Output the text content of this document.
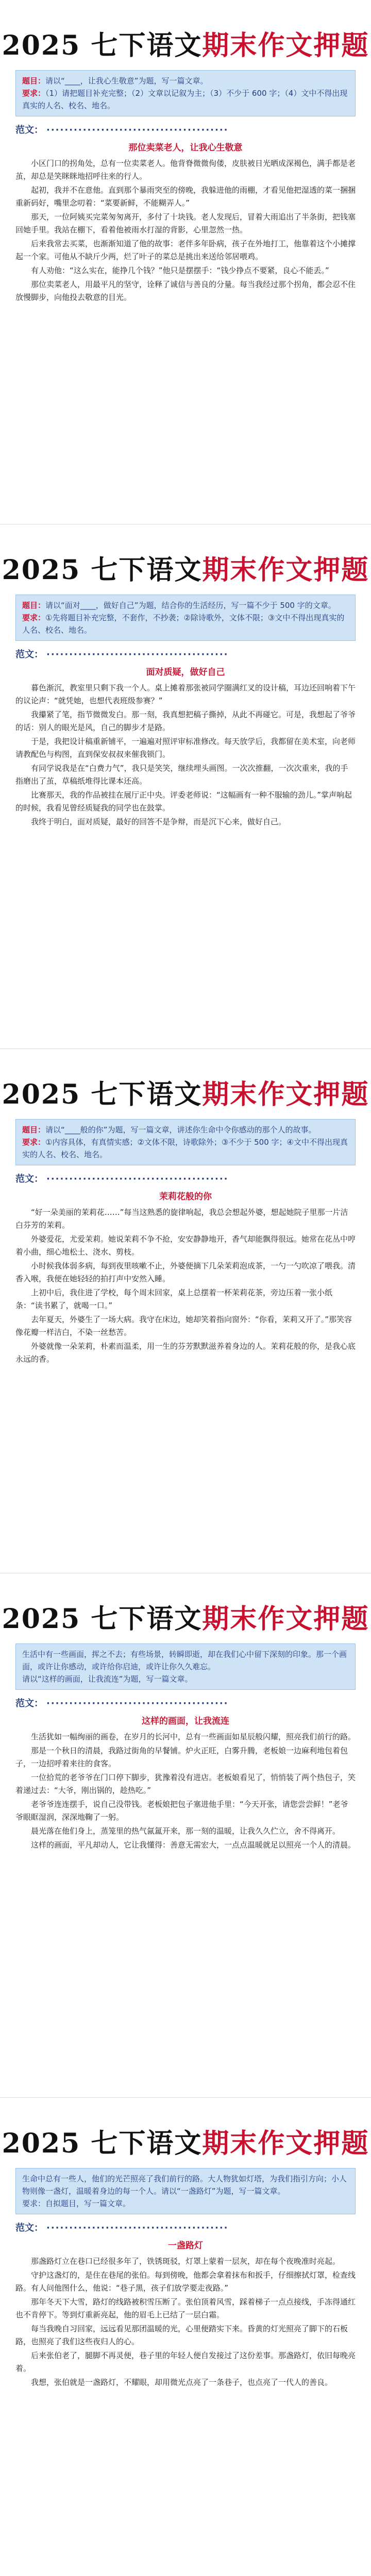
2025 七下语文期末作文押题
题目：请以“____，让我心生敬意”为题，写一篇文章。
要求：（1）请把题目补充完整；（2）文章以记叙为主；（3）不少于 600 字；（4）文中不得出现真实的人名、校名、地名。
范文： ········································
那位卖菜老人，让我心生敬意

小区门口的拐角处，总有一位卖菜老人。他背脊微微佝偻，皮肤被日光晒成深褐色，满手都是老茧，却总是笑眯眯地招呼往来的行人。

起初，我并不在意他。直到那个暴雨突至的傍晚，我躲进他的雨棚，才看见他把湿透的菜一捆捆重新码好，嘴里念叨着：“菜要新鲜，不能糊弄人。”

那天，一位阿姨买完菜匆匆离开，多付了十块钱。老人发现后，冒着大雨追出了半条街，把钱塞回她手里。我站在棚下，看着他被雨水打湿的背影，心里忽然一热。

后来我常去买菜，也渐渐知道了他的故事：老伴多年卧病，孩子在外地打工，他靠着这个小摊撑起一个家。可他从不缺斤少两，烂了叶子的菜总是挑出来送给邻居喂鸡。

有人劝他：“这么实在，能挣几个钱？”他只是摆摆手：“钱少挣点不要紧，良心不能丢。”

那位卖菜老人，用最平凡的坚守，诠释了诚信与善良的分量。每当我经过那个拐角，都会忍不住放慢脚步，向他投去敬意的目光。

2025 七下语文期末作文押题
题目：请以“面对____，做好自己”为题，结合你的生活经历，写一篇不少于 500 字的文章。
要求：①先将题目补充完整，不套作，不抄袭；②除诗歌外，文体不限；③文中不得出现真实的人名、校名、地名。
范文： ········································
面对质疑，做好自己

暮色渐沉，教室里只剩下我一个人。桌上摊着那张被同学圈满红叉的设计稿，耳边还回响着下午的议论声：“就凭她，也想代表班级参赛？”

我攥紧了笔，指节微微发白。那一刻，我真想把稿子撕掉，从此不再碰它。可是，我想起了爷爷的话：别人的眼光是风，自己的脚步才是路。

于是，我把设计稿重新铺平，一遍遍对照评审标准修改。每天放学后，我都留在美术室，向老师请教配色与构图，直到保安叔叔来催我锁门。

有同学说我是在“白费力气”，我只是笑笑，继续埋头画图。一次次推翻，一次次重来，我的手指磨出了茧，草稿纸堆得比课本还高。

比赛那天，我的作品被挂在展厅正中央。评委老师说：“这幅画有一种不服输的劲儿。”掌声响起的时候，我看见曾经质疑我的同学也在鼓掌。

我终于明白，面对质疑，最好的回答不是争辩，而是沉下心来，做好自己。

2025 七下语文期末作文押题
题目：请以“____般的你”为题，写一篇文章，讲述你生命中令你感动的那个人的故事。
要求：①内容具体，有真情实感；②文体不限，诗歌除外；③不少于 500 字；④文中不得出现真实的人名、校名、地名。
范文： ········································
茉莉花般的你

“好一朵美丽的茉莉花……”每当这熟悉的旋律响起，我总会想起外婆，想起她院子里那一片洁白芬芳的茉莉。

外婆爱花，尤爱茉莉。她说茉莉不争不抢，安安静静地开，香气却能飘得很远。她常在花丛中哼着小曲，细心地松土、浇水、剪枝。

小时候我体弱多病，每到夜里咳嗽不止，外婆便摘下几朵茉莉泡成茶，一勺一勺吹凉了喂我。清香入喉，我便在她轻轻的拍打声中安然入睡。

上初中后，我住进了学校，每个周末回家，桌上总摆着一杯茉莉花茶，旁边压着一张小纸条：“读书累了，就喝一口。”

去年夏天，外婆生了一场大病。我守在床边，她却笑着指向窗外：“你看，茉莉又开了。”那笑容像花瓣一样洁白，不染一丝愁苦。

外婆就像一朵茉莉，朴素而温柔，用一生的芬芳默默滋养着身边的人。茉莉花般的你，是我心底永远的香。

2025 七下语文期末作文押题
生活中有一些画面，挥之不去；有些场景，转瞬即逝，却在我们心中留下深刻的印象。那一个画面，或许让你感动，或许给你启迪，或许让你久久难忘。
请以“这样的画面，让我流连”为题，写一篇文章。
范文： ········································
这样的画面，让我流连

生活犹如一幅绚丽的画卷，在岁月的长河中，总有一些画面如星辰般闪耀，照亮我们前行的路。

那是一个秋日的清晨，我路过街角的早餐铺。炉火正旺，白雾升腾，老板娘一边麻利地包着包子，一边招呼着来往的食客。

一位拾荒的老爷爷在门口停下脚步，犹豫着没有进店。老板娘看见了，悄悄装了两个热包子，笑着递过去：“大爷，刚出锅的，趁热吃。”

老爷爷连连摆手，说自己没带钱。老板娘把包子塞进他手里：“今天开张，请您尝尝鲜！”老爷爷眼眶湿润，深深地鞠了一躬。

晨光落在他们身上，蒸笼里的热气氤氲开来，那一刻的温暖，让我久久伫立，舍不得离开。

这样的画面，平凡却动人，它让我懂得：善意无需宏大，一点点温暖就足以照亮一个人的清晨。

2025 七下语文期末作文押题
生命中总有一些人，他们的光芒照亮了我们前行的路。大人物犹如灯塔，为我们指引方向；小人物则像一盏灯，温暖着身边的每一个人。请以“一盏路灯”为题，写一篇文章。
要求：自拟题目，写一篇文章。
范文： ········································
一盏路灯

那盏路灯立在巷口已经很多年了，铁锈斑驳，灯罩上蒙着一层灰，却在每个夜晚准时亮起。

守护这盏灯的，是住在巷尾的张伯。每到傍晚，他都会拿着抹布和扳手，仔细擦拭灯罩，检查线路。有人问他图什么，他说：“巷子黑，孩子们放学要走夜路。”

那年冬天下大雪，路灯的线路被积雪压断了。张伯顶着风雪，踩着梯子一点点接线，手冻得通红也不肯停下。等到灯重新亮起，他的眉毛上已结了一层白霜。

每当我晚自习回家，远远看见那团温暖的光，心里便踏实下来。昏黄的灯光照亮了脚下的石板路，也照亮了我们这些夜归人的心。

后来张伯老了，腿脚不再灵便，巷子里的年轻人便自发接过了这份差事。那盏路灯，依旧每晚亮着。

我想，张伯就是一盏路灯，不耀眼，却用微光点亮了一条巷子，也点亮了一代人的善良。
